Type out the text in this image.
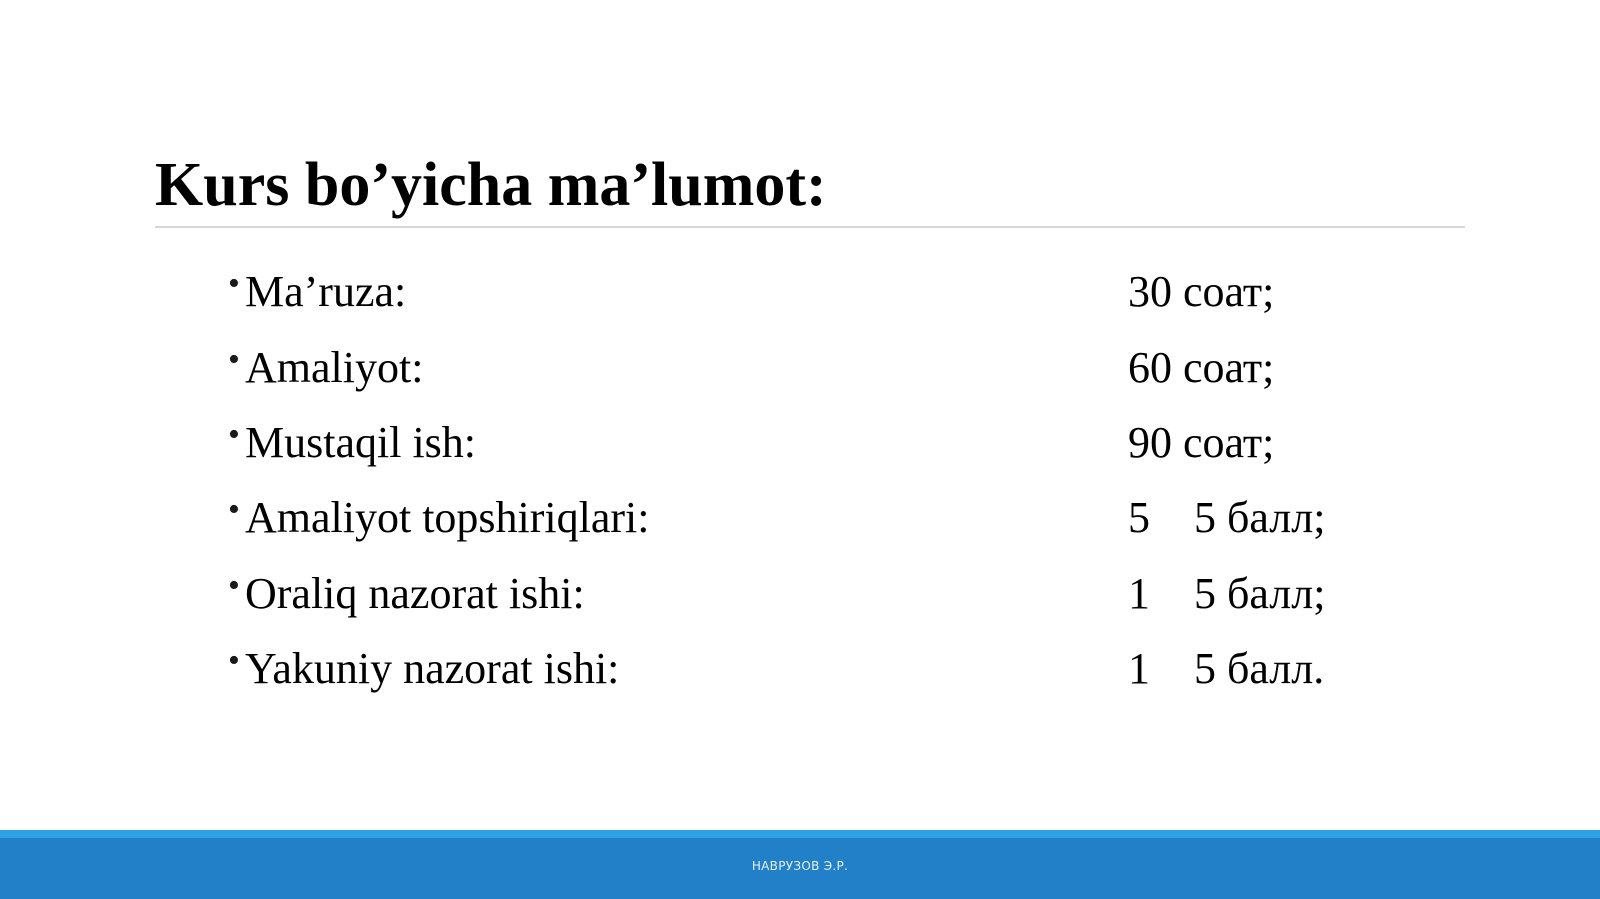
Kurs bo’yicha ma’lumot:
• Ma’ruza:	30 соат;
• Amaliyot:	60 соат;
• Mustaqil ish:	90 соат;
• Amaliyot topshiriqlari:	5    5 балл;
• Oraliq nazorat ishi:	1    5 балл;
• Yakuniy nazorat ishi:	1    5 балл.
НАВРУЗОВ Э.Р.
